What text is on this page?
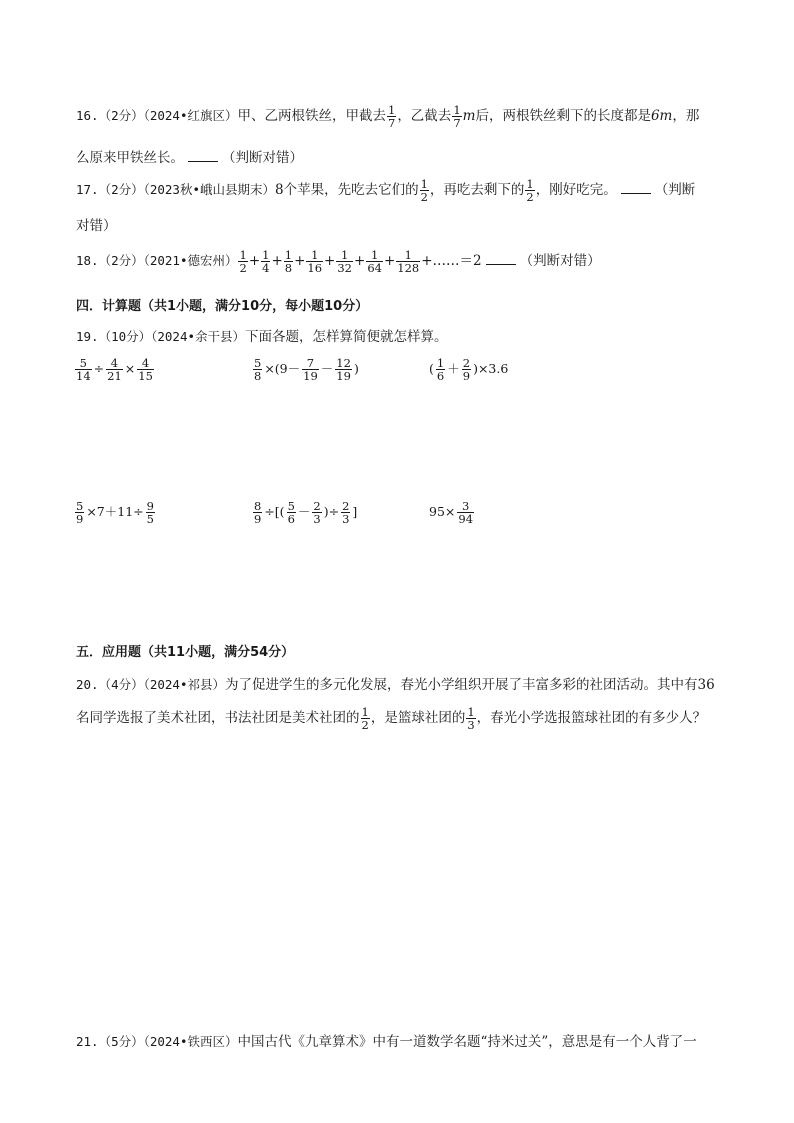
16.（2分）（2024•红旗区）甲、乙两根铁丝，甲截去 $\frac{1}{7}$ ，乙截去 $\frac{1}{7}$ m后，两根铁丝剩下的长度都是6m，那
么原来甲铁丝长。	（判断对错）
17.（2分）（2023秋•峨山县期末）8个苹果，先吃去它们的 $\frac{1}{2}$ ，再吃去剩下的 $\frac{1}{2}$ ，刚好吃完。	（判断
对错）
18.（2分）（2021•德宏州） $\frac{1}{2} + \frac{1}{4} + \frac{1}{8} + \frac{1}{16} + \frac{1}{32} + \frac{1}{64} + \frac{1}{128}$ +……＝2	（判断对错）
四．计算题（共1小题，满分10分，每小题10分）
19.（10分）（2024•余干县）下面各题，怎样算简便就怎样算。
$\frac{5}{14} \div \frac{4}{21} \times \frac{4}{15}$	$\frac{5}{8} \times(9- \frac{7}{19} - \frac{12}{19}$ )	( $\frac{1}{6} + \frac{2}{9} )\times 3.6$
$\frac{5}{9} \times 7+11\div \frac{9}{5}$	$\frac{8}{9}$ ÷[( $\frac{5}{6} - \frac{2}{3}$ )÷ $\frac{2}{3}$ ]	$95\times \frac{3}{94}$
五．应用题（共11小题，满分54分）
20.（4分）（2024•祁县）为了促进学生的多元化发展，春光小学组织开展了丰富多彩的社团活动。其中有36
名同学选报了美术社团，书法社团是美术社团的 $\frac{1}{2}$ ，是篮球社团的 $\frac{1}{3}$ ，春光小学选报篮球社团的有多少人？
21.（5分）（2024•铁西区）中国古代《九章算术》中有一道数学名题“持米过关”，意思是有一个人背了一
